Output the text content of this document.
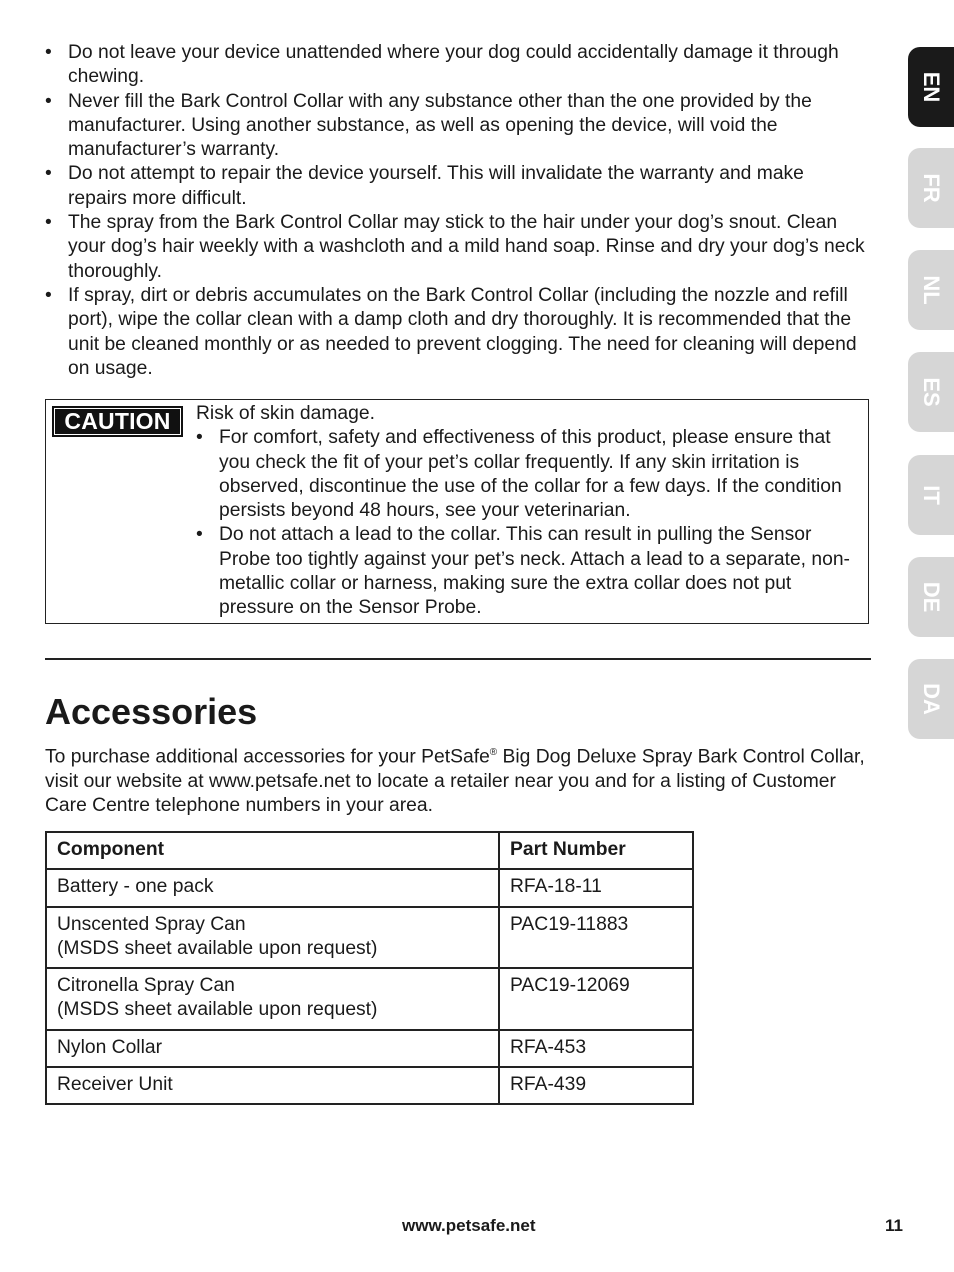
• Do not leave your device unattended where your dog could accidentally damage it through chewing.
• Never fill the Bark Control Collar with any substance other than the one provided by the manufacturer. Using another substance, as well as opening the device, will void the manufacturer’s warranty.
• Do not attempt to repair the device yourself. This will invalidate the warranty and make repairs more difficult.
• The spray from the Bark Control Collar may stick to the hair under your dog’s snout. Clean your dog’s hair weekly with a washcloth and a mild hand soap. Rinse and dry your dog’s neck thoroughly.
• If spray, dirt or debris accumulates on the Bark Control Collar (including the nozzle and refill port), wipe the collar clean with a damp cloth and dry thoroughly. It is recommended that the unit be cleaned monthly or as needed to prevent clogging. The need for cleaning will depend on usage.
CAUTION	Risk of skin damage.
• For comfort, safety and effectiveness of this product, please ensure that you check the fit of your pet’s collar frequently. If any skin irritation is observed, discontinue the use of the collar for a few days. If the condition persists beyond 48 hours, see your veterinarian.
• Do not attach a lead to the collar. This can result in pulling the Sensor Probe too tightly against your pet’s neck. Attach a lead to a separate, non-metallic collar or harness, making sure the extra collar does not put pressure on the Sensor Probe.
Accessories
To purchase additional accessories for your PetSafe® Big Dog Deluxe Spray Bark Control Collar, visit our website at www.petsafe.net to locate a retailer near you and for a listing of Customer Care Centre telephone numbers in your area.
Component	Part Number
Battery - one pack	RFA-18-11
Unscented Spray Can
(MSDS sheet available upon request)	PAC19-11883
Citronella Spray Can
(MSDS sheet available upon request)	PAC19-12069
Nylon Collar	RFA-453
Receiver Unit	RFA-439
EN
FR
NL
ES
IT
DE
DA
www.petsafe.net	11
